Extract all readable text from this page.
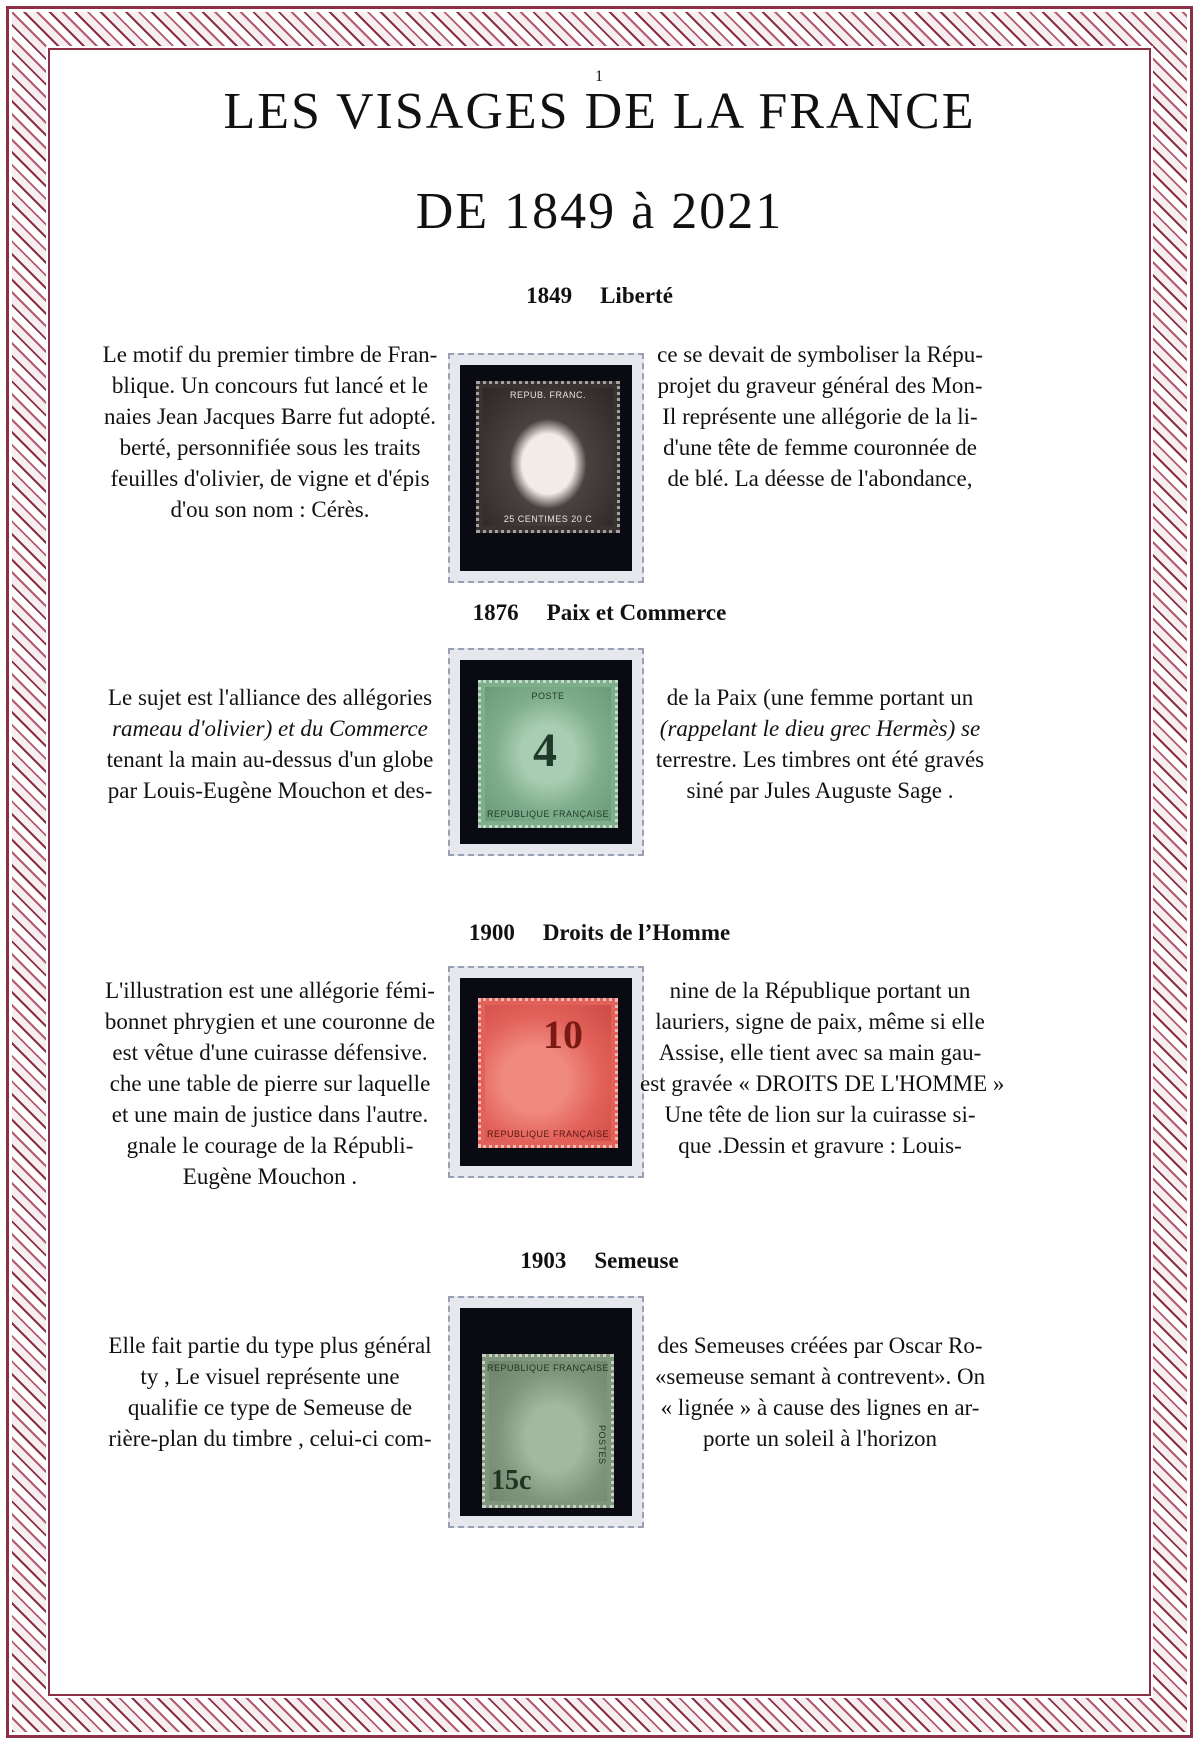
1
LES VISAGES DE LA FRANCE
DE 1849 à 2021
1849 Liberté
Le motif du premier timbre de Fran-
blique. Un concours fut lancé et le
naies Jean Jacques Barre fut adopté.
berté, personnifiée sous les traits
feuilles d'olivier, de vigne et d'épis
d'ou son nom : Cérès.
REPUB. FRANC.
25 CENTIMES 20 C
ce se devait de symboliser la Répu-
projet du graveur général des Mon-
Il représente une allégorie de la li-
d'une tête de femme couronnée de
de blé. La déesse de l'abondance,
1876 Paix et Commerce
Le sujet est l'alliance des allégories
rameau d'olivier) et du Commerce
tenant la main au-dessus d'un globe
par Louis-Eugène Mouchon et des-
POSTE
4
REPUBLIQUE FRANÇAISE
de la Paix (une femme portant un
(rappelant le dieu grec Hermès) se
terrestre. Les timbres ont été gravés
siné par Jules Auguste Sage .
1900 Droits de l’Homme
L'illustration est une allégorie fémi-
bonnet phrygien et une couronne de
est vêtue d'une cuirasse défensive.
che une table de pierre sur laquelle
et une main de justice dans l'autre.
gnale le courage de la Républi-
Eugène Mouchon .
10
REPUBLIQUE FRANÇAISE
nine de la République portant un
lauriers, signe de paix, même si elle
Assise, elle tient avec sa main gau-
est gravée « DROITS DE L'HOMME »
Une tête de lion sur la cuirasse si-
que .Dessin et gravure : Louis-
1903 Semeuse
Elle fait partie du type plus général
ty , Le visuel représente une
qualifie ce type de Semeuse de
rière-plan du timbre , celui-ci com-
REPUBLIQUE FRANÇAISE
15c
POSTES
des Semeuses créées par Oscar Ro-
«semeuse semant à contrevent». On
« lignée » à cause des lignes en ar-
porte un soleil à l'horizon
